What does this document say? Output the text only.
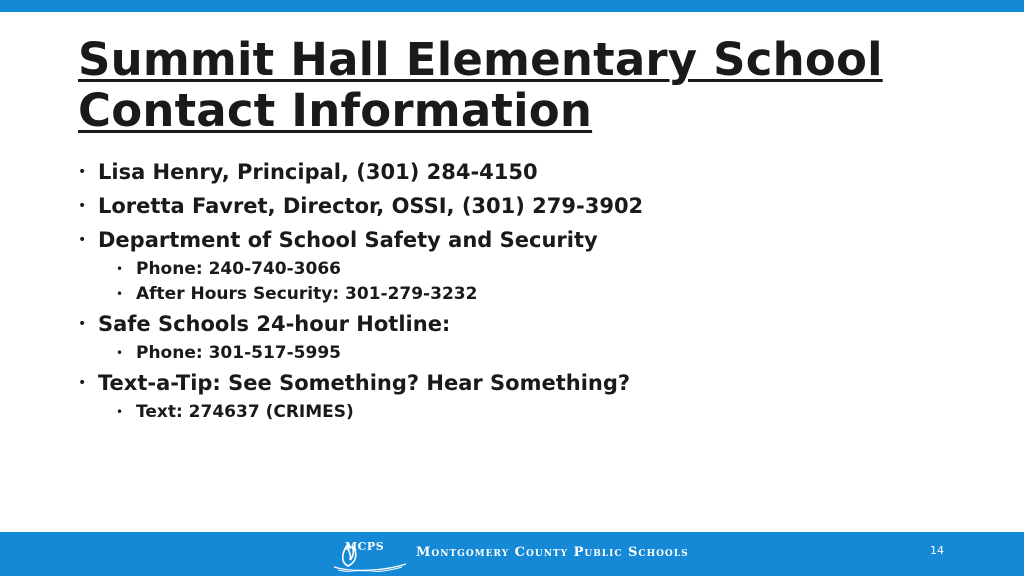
Summit Hall Elementary School
Contact Information
• Lisa Henry, Principal, (301) 284-4150
• Loretta Favret, Director, OSSI, (301) 279-3902
• Department of School Safety and Security
• Phone: 240-740-3066
• After Hours Security: 301-279-3232
• Safe Schools 24-hour Hotline:
• Phone: 301-517-5995
• Text-a-Tip: See Something? Hear Something?
• Text: 274637 (CRIMES)
MCPS Montgomery County Public Schools	14
